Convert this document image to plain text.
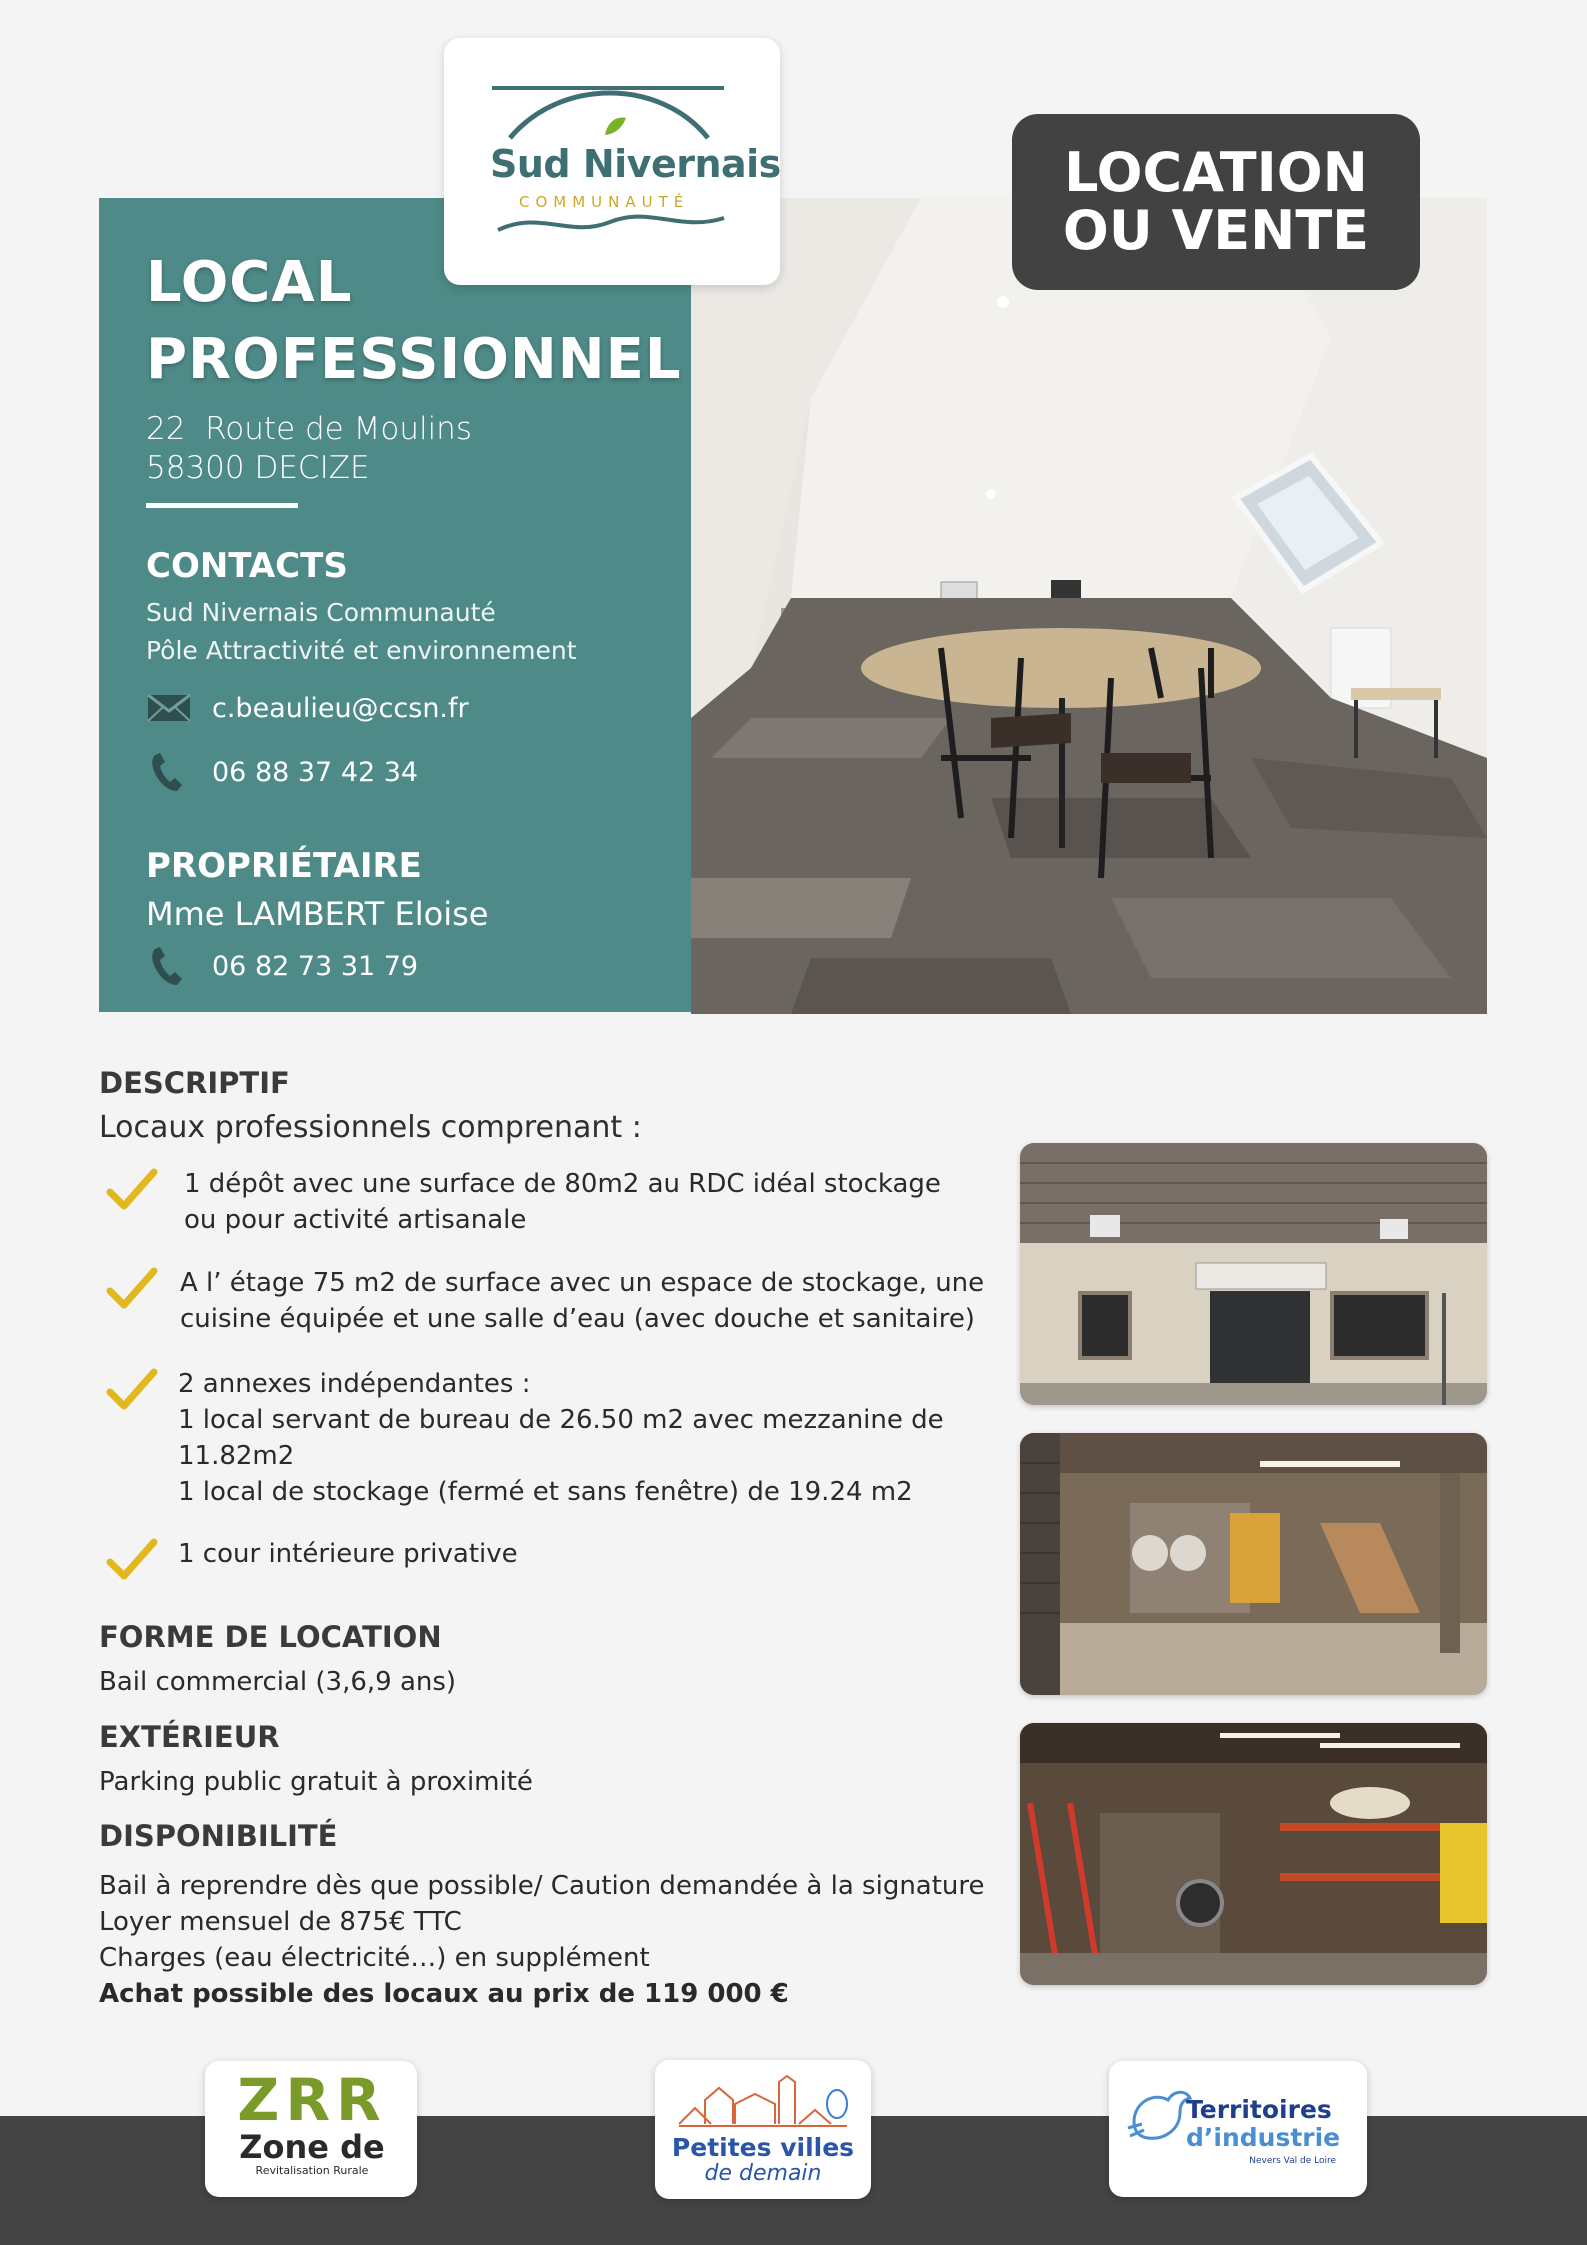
LOCAL
PROFESSIONNEL
22  Route de Moulins
58300 DECIZE
CONTACTS
Sud Nivernais Communauté
Pôle Attractivité et environnement
c.beaulieu@ccsn.fr
06 88 37 42 34
PROPRIÉTAIRE
Mme LAMBERT Eloise
06 82 73 31 79
Sud Nivernais
COMMUNAUTÉ	LOCATION
OU VENTE
DESCRIPTIF
Locaux professionnels comprenant :
1 dépôt avec une surface de 80m2 au RDC idéal stockage
ou pour activité artisanale
A l’ étage 75 m2 de surface avec un espace de stockage, une
cuisine équipée et une salle d’eau (avec douche et sanitaire)
2 annexes indépendantes :
1 local servant de bureau de 26.50 m2 avec mezzanine de
11.82m2
1 local de stockage (fermé et sans fenêtre) de 19.24 m2
1 cour intérieure privative
FORME DE LOCATION
Bail commercial (3,6,9 ans)
EXTÉRIEUR
Parking public gratuit à proximité
DISPONIBILITÉ
Bail à reprendre dès que possible/ Caution demandée à la signature
Loyer mensuel de 875€ TTC
Charges (eau électricité…) en supplément
Achat possible des locaux au prix de 119 000 €
ZRR
Zone de
Revitalisation Rurale
Petites villes
de demain
Territoires
d’industrie
Nevers Val de Loire
